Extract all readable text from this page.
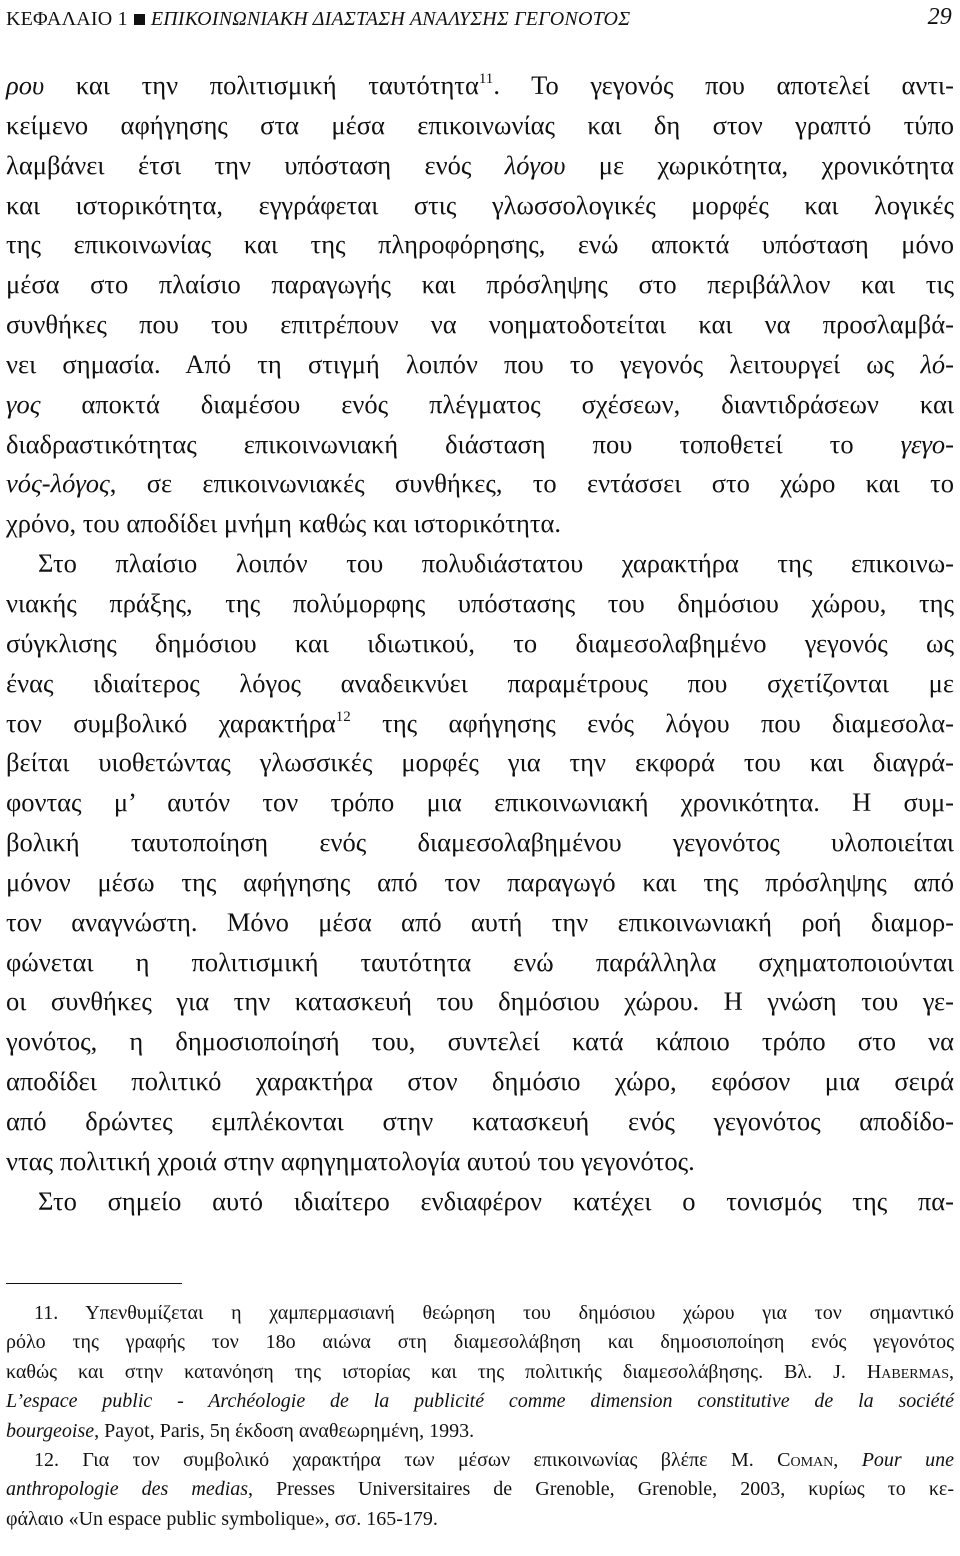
ΚΕΦΑΛΑΙΟ 1 ΕΠΙΚΟΙΝΩΝΙΑΚΗ ΔΙΑΣΤΑΣΗ ΑΝΑΛΥΣΗΣ ΓΕΓΟΝΟΤΟΣ	29
ρου και την πολιτισμική ταυτότητα$^{11}$. Το γεγονός που αποτελεί αντι-
κείμενο αφήγησης στα μέσα επικοινωνίας και δη στον γραπτό τύπο
λαμβάνει έτσι την υπόσταση ενός λόγου με χωρικότητα, χρονικότητα
και ιστορικότητα, εγγράφεται στις γλωσσολογικές μορφές και λογικές
της επικοινωνίας και της πληροφόρησης, ενώ αποκτά υπόσταση μόνο
μέσα στο πλαίσιο παραγωγής και πρόσληψης στο περιβάλλον και τις
συνθήκες που του επιτρέπουν να νοηματοδοτείται και να προσλαμβά-
νει σημασία. Από τη στιγμή λοιπόν που το γεγονός λειτουργεί ως λό-
γος αποκτά διαμέσου ενός πλέγματος σχέσεων, διαντιδράσεων και
διαδραστικότητας επικοινωνιακή διάσταση που τοποθετεί το γεγο-
νός-λόγος, σε επικοινωνιακές συνθήκες, το εντάσσει στο χώρο και το
χρόνο, του αποδίδει μνήμη καθώς και ιστορικότητα.
Στο πλαίσιο λοιπόν του πολυδιάστατου χαρακτήρα της επικοινω-
νιακής πράξης, της πολύμορφης υπόστασης του δημόσιου χώρου, της
σύγκλισης δημόσιου και ιδιωτικού, το διαμεσολαβημένο γεγονός ως
ένας ιδιαίτερος λόγος αναδεικνύει παραμέτρους που σχετίζονται με
τον συμβολικό χαρακτήρα$^{12}$ της αφήγησης ενός λόγου που διαμεσολα-
βείται υιοθετώντας γλωσσικές μορφές για την εκφορά του και διαγρά-
φοντας μ’ αυτόν τον τρόπο μια επικοινωνιακή χρονικότητα. Η συμ-
βολική ταυτοποίηση ενός διαμεσολαβημένου γεγονότος υλοποιείται
μόνον μέσω της αφήγησης από τον παραγωγό και της πρόσληψης από
τον αναγνώστη. Μόνο μέσα από αυτή την επικοινωνιακή ροή διαμορ-
φώνεται η πολιτισμική ταυτότητα ενώ παράλληλα σχηματοποιούνται
οι συνθήκες για την κατασκευή του δημόσιου χώρου. Η γνώση του γε-
γονότος, η δημοσιοποίησή του, συντελεί κατά κάποιο τρόπο στο να
αποδίδει πολιτικό χαρακτήρα στον δημόσιο χώρο, εφόσον μια σειρά
από δρώντες εμπλέκονται στην κατασκευή ενός γεγονότος αποδίδο-
ντας πολιτική χροιά στην αφηγηματολογία αυτού του γεγονότος.
Στο σημείο αυτό ιδιαίτερο ενδιαφέρον κατέχει ο τονισμός της πα-
11. Υπενθυμίζεται η χαμπερμασιανή θεώρηση του δημόσιου χώρου για τον σημαντικό
ρόλο της γραφής τον 18ο αιώνα στη διαμεσολάβηση και δημοσιοποίηση ενός γεγονότος
καθώς και στην κατανόηση της ιστορίας και της πολιτικής διαμεσολάβησης. Βλ. J. Habermas,
L’espace public - Archéologie de la publicité comme dimension constitutive de la société
bourgeoise, Payot, Paris, 5η έκδοση αναθεωρημένη, 1993.
12. Για τον συμβολικό χαρακτήρα των μέσων επικοινωνίας βλέπε M. Coman, Pour une
anthropologie des medias, Presses Universitaires de Grenoble, Grenoble, 2003, κυρίως το κε-
φάλαιο «Un espace public symbolique», σσ. 165-179.
